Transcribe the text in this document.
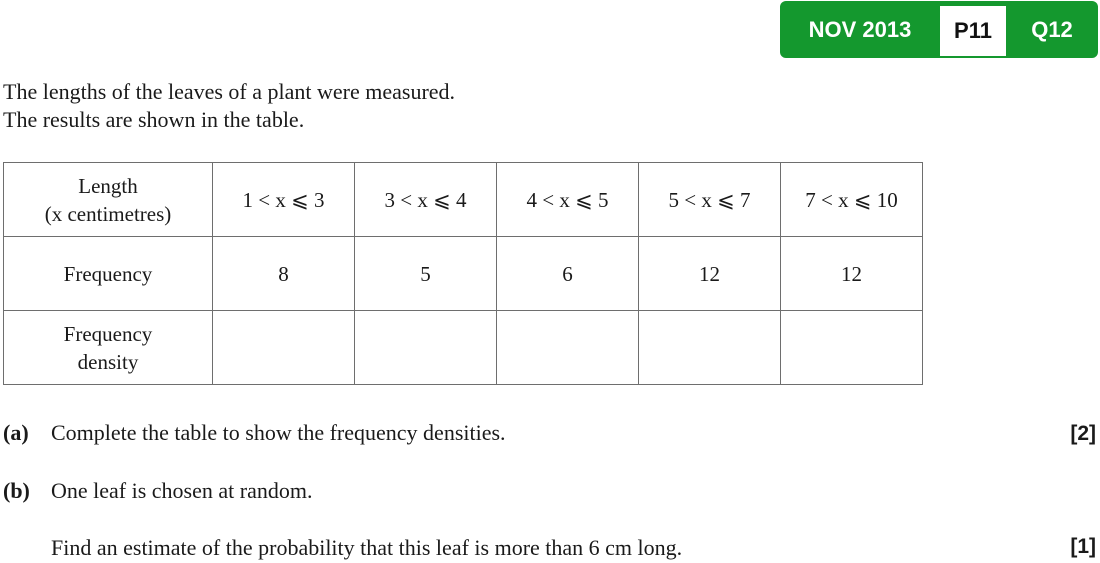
NOV 2013	P11	Q12
The lengths of the leaves of a plant were measured.
The results are shown in the table.
Length
(x centimetres)	1 < x ⩽ 3	3 < x ⩽ 4	4 < x ⩽ 5	5 < x ⩽ 7	7 < x ⩽ 10
Frequency	8	5	6	12	12

Frequency
density					

(a) Complete the table to show the frequency densities.	[2]
(b) One leaf is chosen at random.
Find an estimate of the probability that this leaf is more than 6 cm long.	[1]
